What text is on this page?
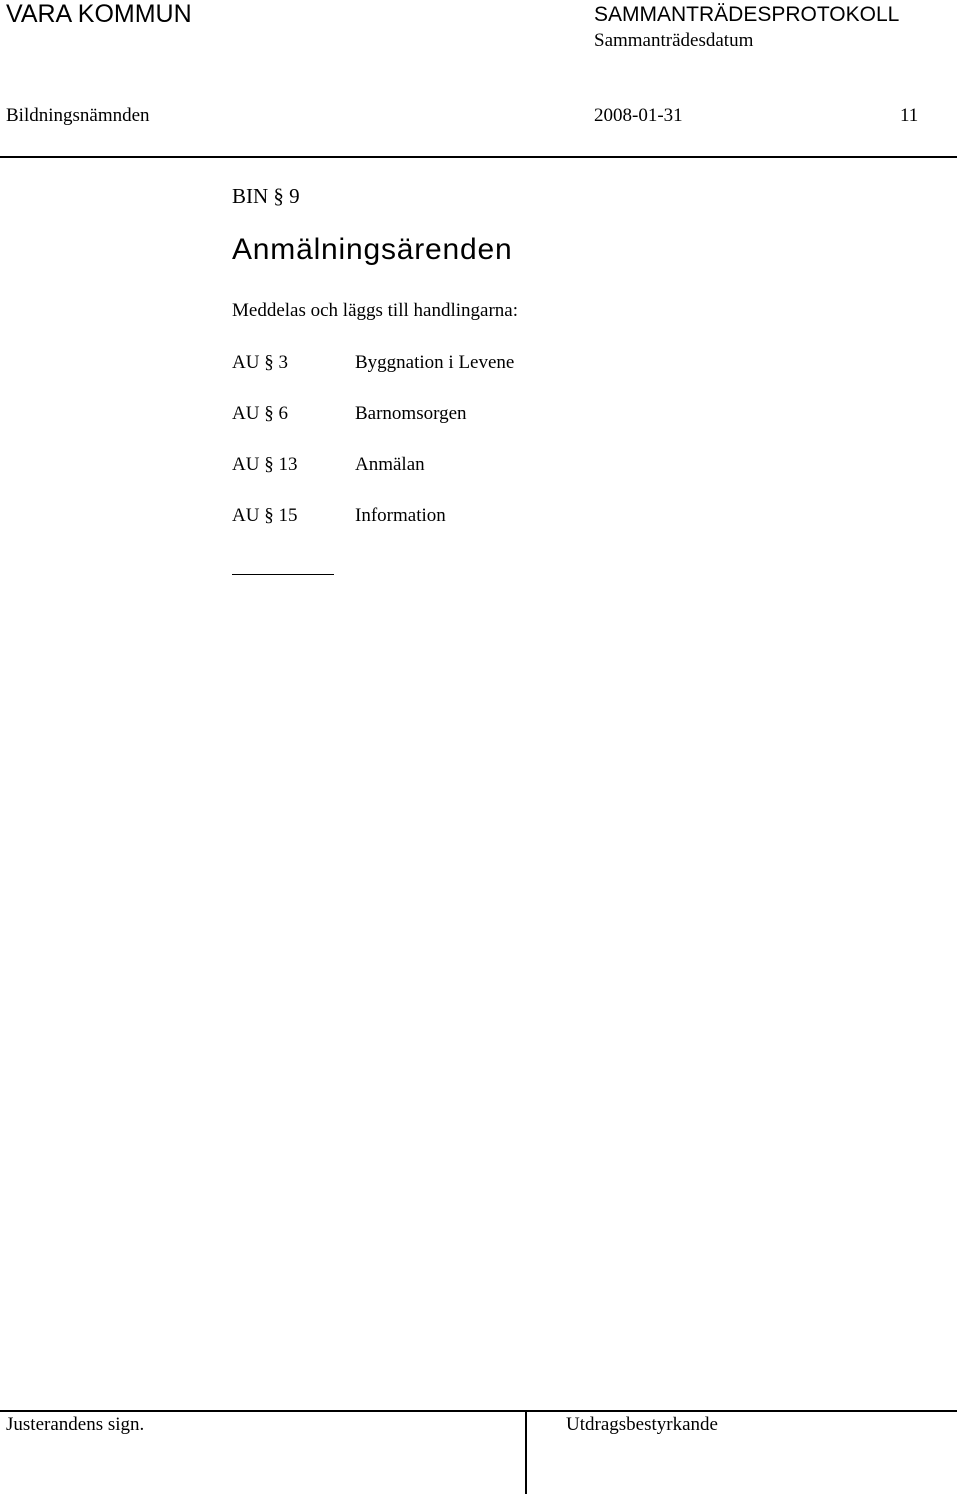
VARA KOMMUN	SAMMANTRÄDESPROTOKOLL
Sammanträdesdatum
Bildningsnämnden	2008-01-31	11
BIN § 9
Anmälningsärenden
Meddelas och läggs till handlingarna:
AU § 3	Byggnation i Levene
AU § 6	Barnomsorgen
AU § 13	Anmälan
AU § 15	Information
Justerandens sign.	Utdragsbestyrkande
